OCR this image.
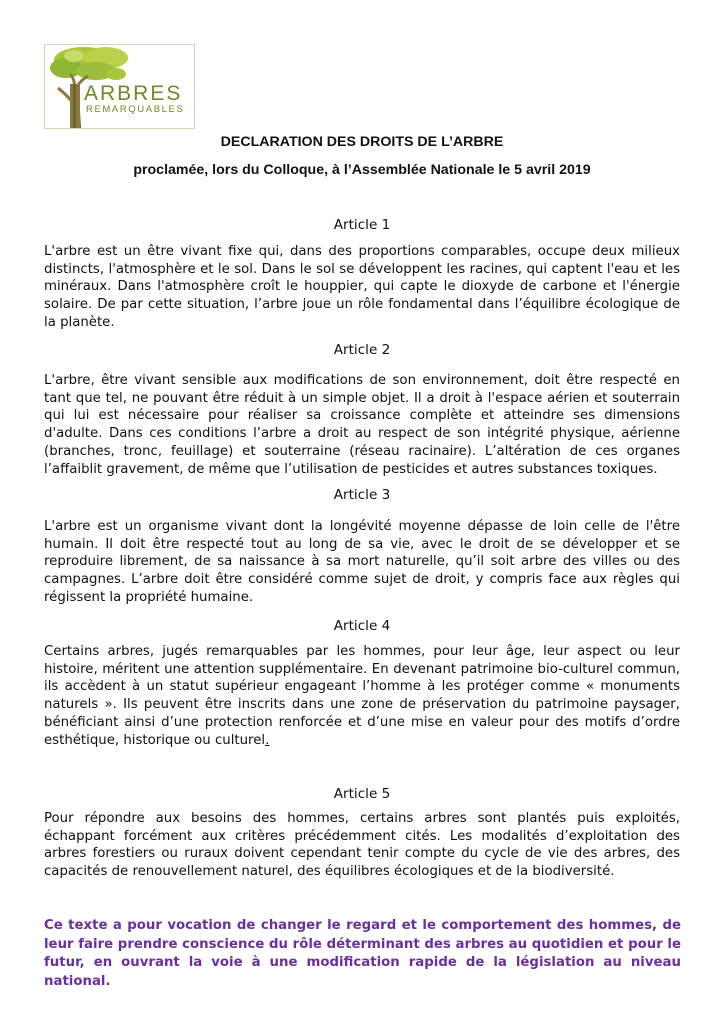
ARBRES
REMARQUABLES
DECLARATION DES DROITS DE L’ARBRE
proclamée, lors du Colloque, à l’Assemblée Nationale le 5 avril 2019
Article 1
L'arbre est un être vivant fixe qui, dans des proportions comparables, occupe deux milieux distincts, l'atmosphère et le sol. Dans le sol se développent les racines, qui captent l'eau et les minéraux. Dans l'atmosphère croît le houppier, qui capte le dioxyde de carbone et l'énergie solaire. De par cette situation, l’arbre joue un rôle fondamental dans l’équilibre écologique de la planète.
Article 2
L'arbre, être vivant sensible aux modifications de son environnement, doit être respecté en tant que tel, ne pouvant être réduit à un simple objet. Il a droit à l'espace aérien et souterrain qui lui est nécessaire pour réaliser sa croissance complète et atteindre ses dimensions d'adulte. Dans ces conditions l’arbre a droit au respect de son intégrité physique, aérienne (branches, tronc, feuillage) et souterraine (réseau racinaire). L’altération de ces organes l’affaiblit gravement, de même que l’utilisation de pesticides et autres substances toxiques.
Article 3
L'arbre est un organisme vivant dont la longévité moyenne dépasse de loin celle de l'être humain. Il doit être respecté tout au long de sa vie, avec le droit de se développer et se reproduire librement, de sa naissance à sa mort naturelle, qu’il soit arbre des villes ou des campagnes. L’arbre doit être considéré comme sujet de droit, y compris face aux règles qui régissent la propriété humaine.
Article 4
Certains arbres, jugés remarquables par les hommes, pour leur âge, leur aspect ou leur histoire, méritent une attention supplémentaire. En devenant patrimoine bio-culturel commun, ils accèdent à un statut supérieur engageant l’homme à les protéger comme « monuments naturels ». Ils peuvent être inscrits dans une zone de préservation du patrimoine paysager, bénéficiant ainsi d’une protection renforcée et d’une mise en valeur pour des motifs d’ordre esthétique, historique ou culturel.
Article 5
Pour répondre aux besoins des hommes, certains arbres sont plantés puis exploités, échappant forcément aux critères précédemment cités. Les modalités d’exploitation des arbres forestiers ou ruraux doivent cependant tenir compte du cycle de vie des arbres, des capacités de renouvellement naturel, des équilibres écologiques et de la biodiversité.
Ce texte a pour vocation de changer le regard et le comportement des hommes, de leur faire prendre conscience du rôle déterminant des arbres au quotidien et pour le futur, en ouvrant la voie à une modification rapide de la législation au niveau national.
